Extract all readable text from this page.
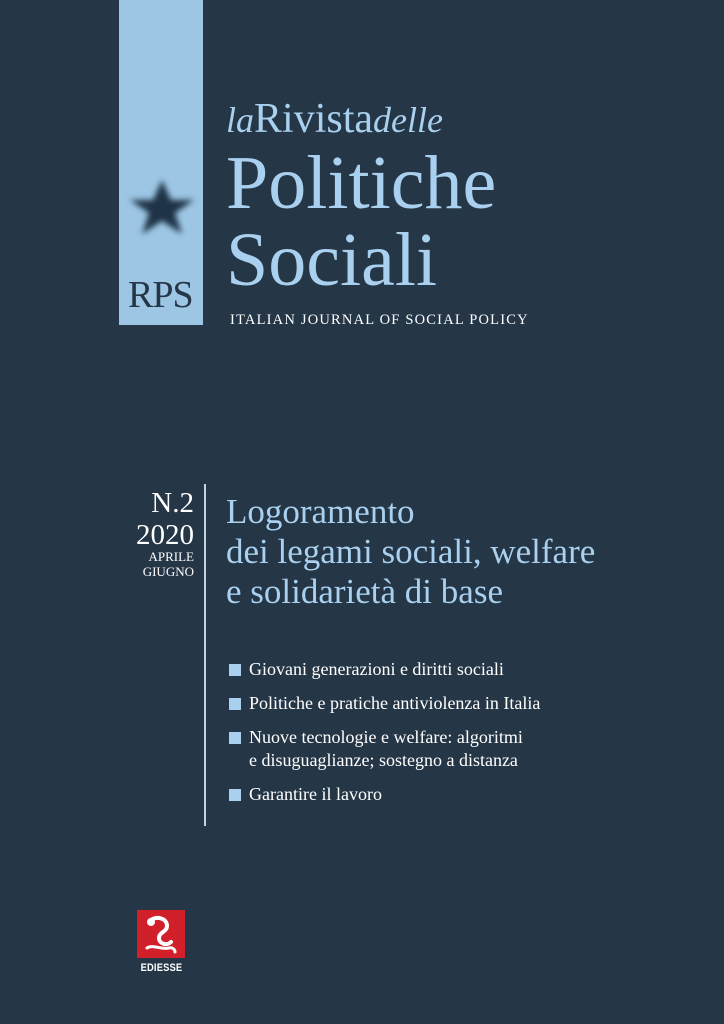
RPS
laRivistadelle
Politiche
Sociali
ITALIAN JOURNAL OF SOCIAL POLICY
N.2
2020
APRILE
GIUGNO
Logoramento
dei legami sociali, welfare
e solidarietà di base
Giovani generazioni e diritti sociali
Politiche e pratiche antiviolenza in Italia
Nuove tecnologie e welfare: algoritmi
e disuguaglianze; sostegno a distanza
Garantire il lavoro
EDIESSE
